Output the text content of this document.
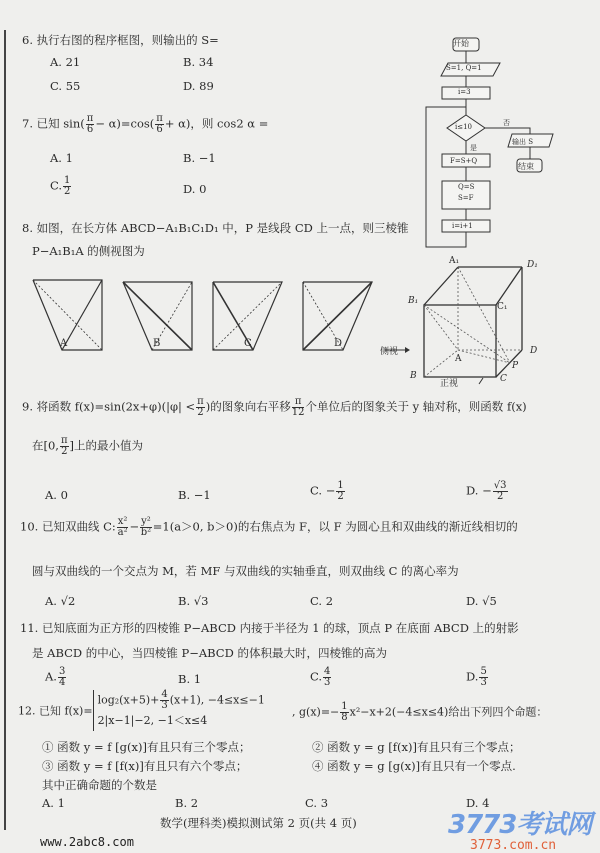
6. 执行右图的程序框图，则输出的 S=
A. 21	B. 34
C. 55	D. 89
7. 已知 $\sin( \frac{\pi}{6} - \alpha)=\cos( \frac{\pi}{6} + \alpha)$，则 cos2 α =
A. 1	B. −1
C. $\frac{1}{2}$	D. 0
8. 如图，在长方体 ABCD−A₁B₁C₁D₁ 中，P 是线段 CD 上一点，则三棱锥
P−A₁B₁A 的侧视图为
A	B	C	D
A₁	D₁
B₁
C₁
A
D
P
B	C
侧视
正视
开始
S=1, Q=1
i=3
i≤10	否
是
输出 S
结束
F=S+Q
Q=S
S=F
i=i+1
9. 将函数 $f(x)=\sin(2x+\varphi)(|\varphi| < \frac{\pi}{2}$ )的图象向右平移 $\frac{\pi}{12}$ 个单位后的图象关于 y 轴对称，则函数 f(x)
在[0, $\frac{\pi}{2}$ ]上的最小值为
A. 0	B. −1	C. − $\frac{1}{2}$	D. − $\frac{√3}{2}$
10. 已知双曲线 C: $\frac{\text{x²}}{\text{a²}} - \frac{\text{y²}}{\text{b²}} =1(a>0$, b＞0)的右焦点为 F，以 F 为圆心且和双曲线的渐近线相切的
圆与双曲线的一个交点为 M，若 MF 与双曲线的实轴垂直，则双曲线 C 的离心率为
A. √2	B. √3	C. 2	D. √5
11. 已知底面为正方形的四棱锥 P−ABCD 内接于半径为 1 的球，顶点 P 在底面 ABCD 上的射影
是 ABCD 的中心，当四棱锥 P−ABCD 的体积最大时，四棱锥的高为
A. $\frac{3}{4}$	B. 1	C. $\frac{4}{3}$	D. $\frac{5}{3}$
12. 已知 $f(x)=\log_2(x+5)+ \frac{4}{3} (x+1)$, −4≤x≤−1
2|x−1|−2, −1＜x≤4
, $g(x)=- \frac{1}{8} x^2-x+2(-4\le x\le 4)$给出下列四个命题：
① 函数 y = f [g(x)]有且只有三个零点；	② 函数 y = g [f(x)]有且只有三个零点；
③ 函数 y = f [f(x)]有且只有六个零点；	④ 函数 y = g [g(x)]有且只有一个零点.
其中正确命题的个数是
A. 1	B. 2	C. 3	D. 4
数学(理科类)模拟测试第 2 页(共 4 页)
www.2abc8.com
3773考试网
3773.com.cn
